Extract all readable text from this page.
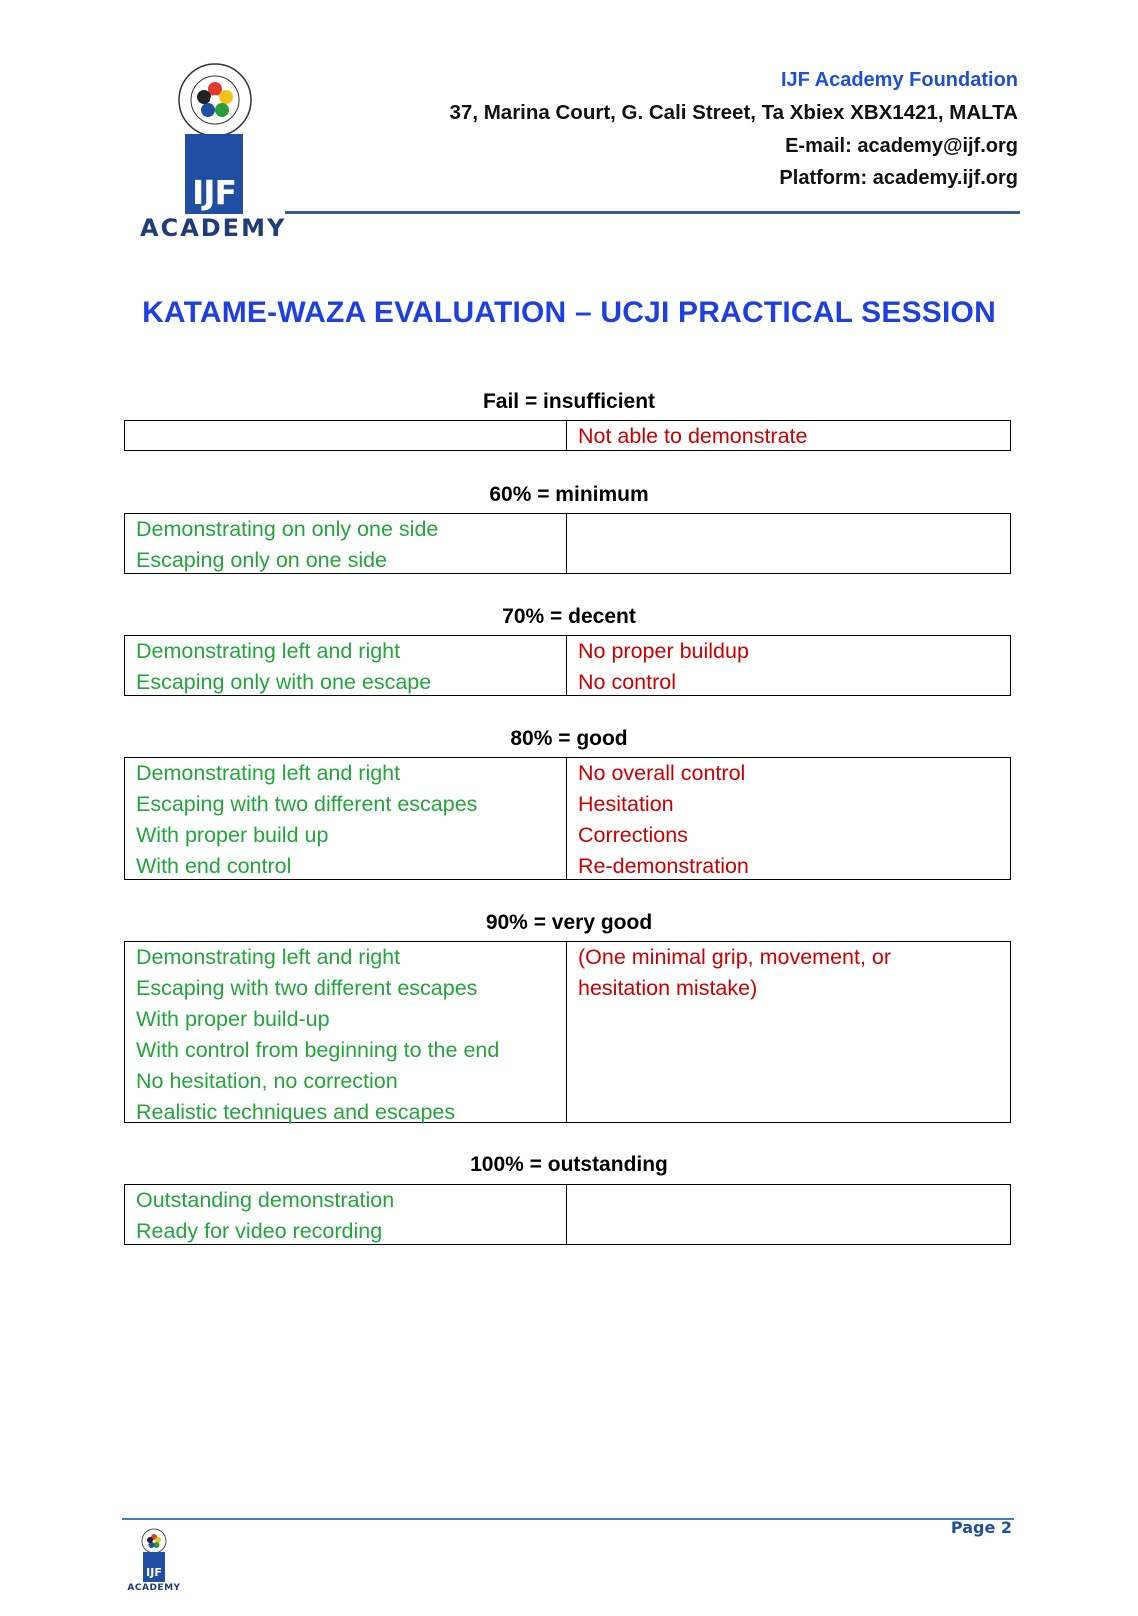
IJF
ACADEMY
IJF Academy Foundation
37, Marina Court, G. Cali Street, Ta Xbiex XBX1421, MALTA
E-mail: academy@ijf.org
Platform: academy.ijf.org
KATAME-WAZA EVALUATION – UCJI PRACTICAL SESSION
Fail = insufficient
Not able to demonstrate
60% = minimum
Demonstrating on only one side
Escaping only on one side
70% = decent
Demonstrating left and right
Escaping only with one escape
No proper buildup
No control
80% = good
Demonstrating left and right
Escaping with two different escapes
With proper build up
With end control
No overall control
Hesitation
Corrections
Re-demonstration
90% = very good
Demonstrating left and right
Escaping with two different escapes
With proper build-up
With control from beginning to the end
No hesitation, no correction
Realistic techniques and escapes
(One minimal grip, movement, or
hesitation mistake)
100% = outstanding
Outstanding demonstration
Ready for video recording
Page 2
IJF
ACADEMY
